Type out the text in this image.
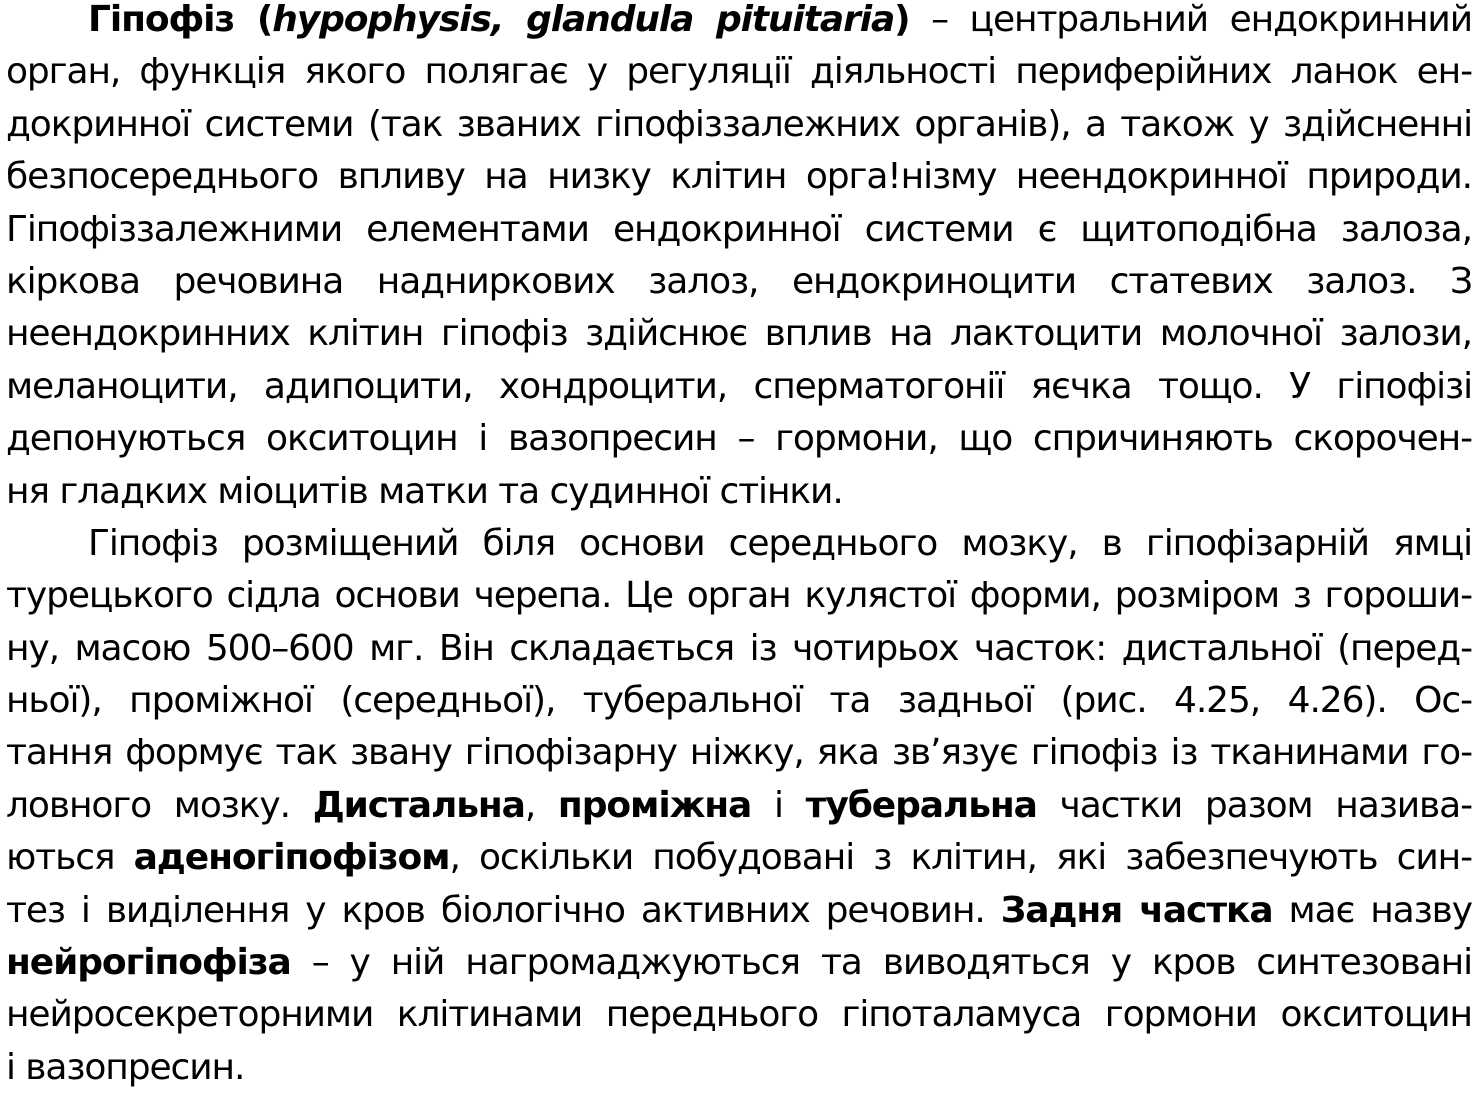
Гіпофіз (hypophysis, glandula pituitaria) – центральний ендокринний
орган, функція якого полягає у регуляції діяльності периферійних ланок ен-
докринної системи (так званих гіпофіззалежних органів), а також у здійсненні
безпосереднього впливу на низку клітин орга!нізму неендокринної природи.
Гіпофіззалежними елементами ендокринної системи є щитоподібна залоза,
кіркова речовина надниркових залоз, ендокриноцити статевих залоз. З
неендокринних клітин гіпофіз здійснює вплив на лактоцити молочної залози,
меланоцити, адипоцити, хондроцити, сперматогонії яєчка тощо. У гіпофізі
депонуються окситоцин і вазопресин – гормони, що спричиняють скорочен-
ня гладких міоцитів матки та судинної стінки.
Гіпофіз розміщений біля основи середнього мозку, в гіпофізарній ямці
турецького сідла основи черепа. Це орган кулястої форми, розміром з гороши-
ну, масою 500–600 мг. Він складається із чотирьох часток: дистальної (перед-
ньої), проміжної (середньої), туберальної та задньої (рис. 4.25, 4.26). Ос-
тання формує так звану гіпофізарну ніжку, яка зв’язує гіпофіз із тканинами го-
ловного мозку. Дистальна, проміжна і туберальна частки разом назива-
ються аденогіпофізом, оскільки побудовані з клітин, які забезпечують син-
тез і виділення у кров біологічно активних речовин. Задня частка має назву
нейрогіпофіза – у ній нагромаджуються та виводяться у кров синтезовані
нейросекреторними клітинами переднього гіпоталамуса гормони окситоцин
і вазопресин.
